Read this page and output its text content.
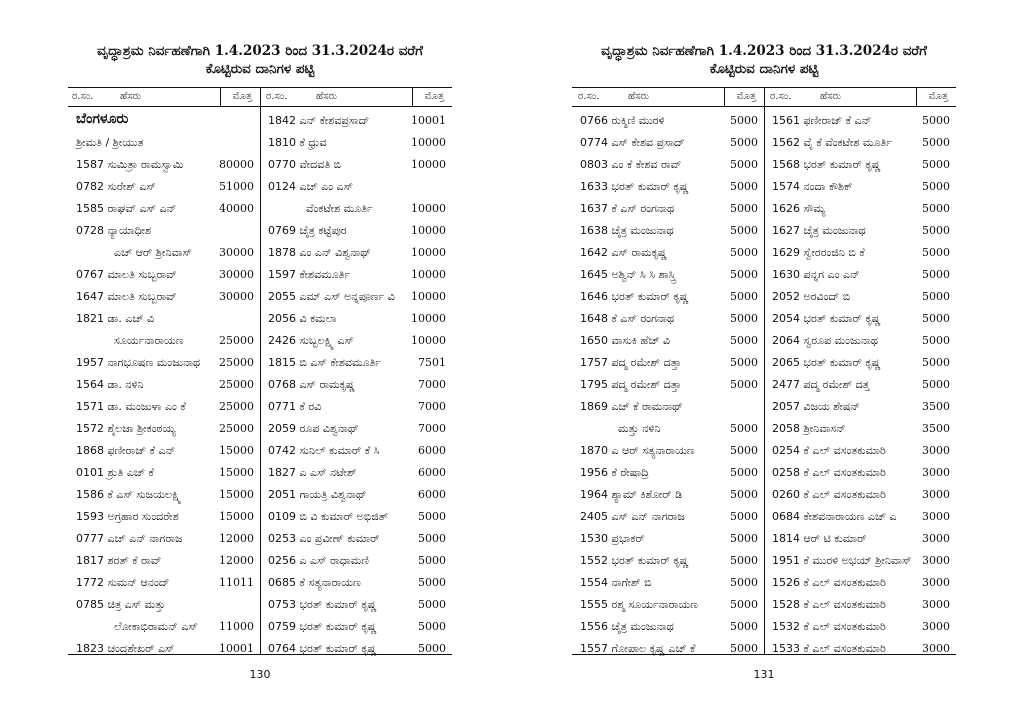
ವೃದ್ಧಾಶ್ರಮ ನಿರ್ವಹಣೆಗಾಗಿ 1.4.2023 ರಿಂದ 31.3.2024ರ ವರೆಗೆ
ಕೊಟ್ಟಿರುವ ದಾನಿಗಳ ಪಟ್ಟಿ
ರ.ಸಂ.	ಹೆಸರು	ಮೊತ್ತ ರ.ಸಂ.	ಹೆಸರು	ಮೊತ್ತ
ಬೆಂಗಳೂರು
ಶ್ರೀಮತಿ / ಶ್ರೀಯುತ
1587 ಸುಮಿತ್ರಾ ರಾಮಸ್ವಾಮಿ	80000
0782 ಸುರೇಶ್ ಎಸ್	51000
1585 ರಾಘವ್ ಎಸ್ ಎನ್	40000
0728 ನ್ಯಾಯಾಧೀಶ
ಎಚ್ ಆರ್ ಶ್ರೀನಿವಾಸ್ 30000
0767 ಮಾಲತಿ ಸುಬ್ಬರಾವ್	30000
1647 ಮಾಲತಿ ಸುಬ್ಬರಾವ್	30000
1821 ಡಾ. ಎಚ್ ವಿ
ಸೂರ್ಯನಾರಾಯಣ	25000
1957 ನಾಗಭೂಷಣ ಮಂಜುನಾಥ 25000
1564 ಡಾ. ನಳಿನಿ	25000
1571 ಡಾ. ಮಂಜುಳಾ ಎಂ ಕೆ	25000
1572 ಶೈಲಜಾ ಶ್ರೀಕಂಠಯ್ಯ	25000
1868 ಫಣೀರಾಜ್ ಕೆ ಎನ್	15000
0101 ಶ್ರುತಿ ಎಚ್ ಕೆ	15000
1586 ಕೆ ಎಸ್ ಸುಜಯಲಕ್ಷ್ಮಿ	15000
1593 ಅಗ್ರಹಾರ ಸುಂದರೇಶ	15000
0777 ಎಚ್ ಎನ್ ನಾಗರಾಜ	12000
1817 ಶರತ್ ಕೆ ರಾವ್	12000
1772 ಸುಮನ್ ಆನಂದ್	11011
0785 ಚಿತ್ರ ಎಸ್ ಮತ್ತು
ಲೋಕಾಭಿರಾಮನ್ ಎಸ್ 11000
1823 ಚಂದ್ರಶೇಖರ್ ಎಸ್	10001
1842 ಎನ್ ಕೇಶವಪ್ರಸಾದ್	10001
1810 ಕೆ ಧ್ರುವ	10000
0770 ವೇದವತಿ ಬಿ	10000
0124 ಎಚ್ ಎಂ ಎಸ್
ವೆಂಕಟೇಶ ಮೂರ್ತಿ	10000
0769 ಚೈತ್ರ ಕಟ್ಟೆಪುರ	10000
1878 ಎಂ ಎನ್ ವಿಶ್ವನಾಥ್	10000
1597 ಕೇಶವಮೂರ್ತಿ	10000
2055 ಎಮ್ ಎಸ್ ಅನ್ನಪೂರ್ಣ ವಿ 10000
2056 ವಿ ಕಮಲಾ	10000
2426 ಸುಬ್ಬಲಕ್ಷ್ಮಿ ಎಸ್	10000
1815 ಬಿ ಎಸ್ ಕೇಶವಮೂರ್ತಿ	7501
0768 ಎಸ್ ರಾಮಕೃಷ್ಣ	7000
0771 ಕೆ ರವಿ	7000
2059 ರೂಪ ವಿಶ್ವನಾಥ್	7000
0742 ಸುನಿಲ್ ಕುಮಾರ್ ಕೆ ಸಿ	6000
1827 ಎ ಎಸ್ ನಟೇಶ್	6000
2051 ಗಾಯತ್ರಿ ವಿಶ್ವನಾಥ್	6000
0109 ಬಿ ವಿ ಕುಮಾರ್ ಅಭಿಜಿತ್	5000
0253 ಎಂ ಪ್ರವೀಣ್ ಕುಮಾರ್	5000
0256 ಎ ಎಸ್ ರಾಧಾಮಣಿ	5000
0685 ಕೆ ಸತ್ಯನಾರಾಯಣ	5000
0753 ಭರತ್ ಕುಮಾರ್ ಕೃಷ್ಣ	5000
0759 ಭರತ್ ಕುಮಾರ್ ಕೃಷ್ಣ	5000
0764 ಭರತ್ ಕುಮಾರ್ ಕೃಷ್ಣ	5000
130
ವೃದ್ಧಾಶ್ರಮ ನಿರ್ವಹಣೆಗಾಗಿ 1.4.2023 ರಿಂದ 31.3.2024ರ ವರೆಗೆ
ಕೊಟ್ಟಿರುವ ದಾನಿಗಳ ಪಟ್ಟಿ
ರ.ಸಂ.	ಹೆಸರು	ಮೊತ್ತ ರ.ಸಂ.	ಹೆಸರು	ಮೊತ್ತ
0766 ರುಕ್ಮಿಣಿ ಮುರಳಿ	5000
0774 ಎಸ್ ಕೇಶವ ಪ್ರಸಾದ್	5000
0803 ಎಂ ಕೆ ಕೇಶವ ರಾವ್	5000
1633 ಭರತ್ ಕುಮಾರ್ ಕೃಷ್ಣ	5000
1637 ಕೆ ಎಸ್ ರಂಗನಾಥ	5000
1638 ಚೈತ್ರ ಮಂಜುನಾಥ	5000
1642 ಎಸ್ ರಾಮಕೃಷ್ಣ	5000
1645 ಅಶ್ವಿನ್ ಸಿ ಸಿ ಶಾಸ್ತ್ರಿ	5000
1646 ಭರತ್ ಕುಮಾರ್ ಕೃಷ್ಣ	5000
1648 ಕೆ ಎಸ್ ರಂಗನಾಥ	5000
1650 ವಾಸುಕಿ ಹೆಚ್ ವಿ	5000
1757 ಪದ್ಮ ರಮೇಶ್ ದತ್ತಾ	5000
1795 ಪದ್ಮ ರಮೇಶ್ ದತ್ತಾ	5000
1869 ಎಚ್ ಕೆ ರಾಮನಾಥ್
ಮತ್ತು ನಳಿನಿ	5000
1870 ಎ ಆರ್ ಸತ್ಯನಾರಾಯಣ	5000
1956 ಕೆ ರೇಷಾದ್ರಿ	5000
1964 ಶ್ಯಾಮ್ ಕಿಶೋರ್ ಡಿ	5000
2405 ಎಸ್ ಎನ್ ನಾಗರಾಜ	5000
1530 ಪ್ರಭಾಕರ್	5000
1552 ಭರತ್ ಕುಮಾರ್ ಕೃಷ್ಣ	5000
1554 ನಾಗೇಶ್ ಬಿ	5000
1555 ರಶ್ಮ ಸೂರ್ಯನಾರಾಯಣ	5000
1556 ಚೈತ್ರ ಮಂಜುನಾಥ	5000
1557 ಗೋಪಾಲ ಕೃಷ್ಣ ಎಚ್ ಕೆ	5000
1561 ಫಣೀರಾಜ್ ಕೆ ಎನ್	5000
1562 ವೈ ಕೆ ವೆಂಕಟೇಶ ಮೂರ್ತಿ	5000
1568 ಭರತ್ ಕುಮಾರ್ ಕೃಷ್ಣ	5000
1574 ನಂದಾ ಕೌಶಿಕ್	5000
1626 ಸೌಮ್ಯ	5000
1627 ಚೈತ್ರ ಮಂಜುನಾಥ	5000
1629 ಸ್ವೇರರಂಜಿನಿ ಬಿ ಕೆ	5000
1630 ಪನ್ನಗ ಎಂ ಎನ್	5000
2052 ಅರವಿಂದ್ ಬಿ	5000
2054 ಭರತ್ ಕುಮಾರ್ ಕೃಷ್ಣ	5000
2064 ಸ್ವರೂಪ ಮಂಜುನಾಥ	5000
2065 ಭರತ್ ಕುಮಾರ್ ಕೃಷ್ಣ	5000
2477 ಪದ್ಮ ರಮೇಶ್ ದತ್ತ	5000
2057 ವಿಜಯ ಶೇಷನ್	3500
2058 ಶ್ರೀನಿವಾಸನ್	3500
0254 ಕೆ ಎಲ್ ವಸಂತಕುಮಾರಿ	3000
0258 ಕೆ ಎಲ್ ವಸಂತಕುಮಾರಿ	3000
0260 ಕೆ ಎಲ್ ವಸಂತಕುಮಾರಿ	3000
0684 ಕೇಶವನಾರಾಯಣ ಎಚ್ ಎ 3000
1814 ಆರ್ ಟಿ ಕುಮಾರ್	3000
1951 ಕೆ ಮುರಳಿ ಅಭಯ್ ಶ್ರೀನಿವಾಸ್ 3000
1526 ಕೆ ಎಲ್ ವಸಂತಕುಮಾರಿ	3000
1528 ಕೆ ಎಲ್ ವಸಂತಕುಮಾರಿ	3000
1532 ಕೆ ಎಲ್ ವಸಂತಕುಮಾರಿ	3000
1533 ಕೆ ಎಲ್ ವಸಂತಕುಮಾರಿ	3000
131
